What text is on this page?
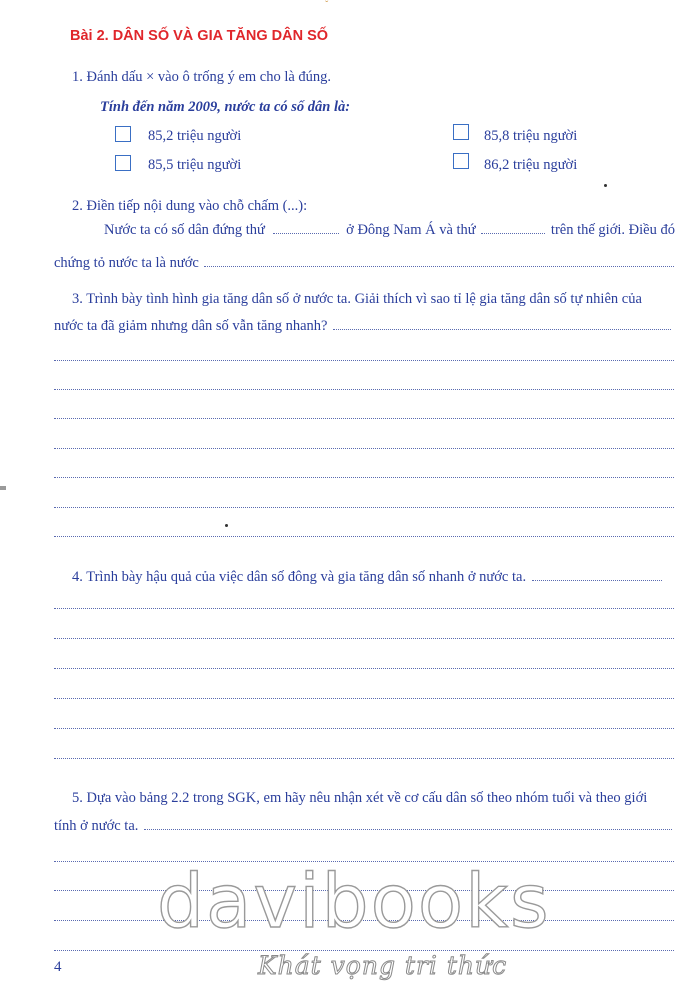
ˇ
Bài 2. DÂN SỐ VÀ GIA TĂNG DÂN SỐ
1. Đánh dấu × vào ô trống ý em cho là đúng.
Tính đến năm 2009, nước ta có số dân là:
85,2 triệu người	85,8 triệu người
85,5 triệu người	86,2 triệu người
2. Điền tiếp nội dung vào chỗ chấm (...):
Nước ta có số dân đứng thứ	ở Đông Nam Á và thứ	trên thế giới. Điều đó
chứng tỏ nước ta là nước
3. Trình bày tình hình gia tăng dân số ở nước ta. Giải thích vì sao tỉ lệ gia tăng dân số tự nhiên của
nước ta đã giảm nhưng dân số vẫn tăng nhanh?
4. Trình bày hậu quả của việc dân số đông và gia tăng dân số nhanh ở nước ta.
5. Dựa vào bảng 2.2 trong SGK, em hãy nêu nhận xét về cơ cấu dân số theo nhóm tuổi và theo giới
tính ở nước ta.
davibooks
Khát vọng tri thức
4
